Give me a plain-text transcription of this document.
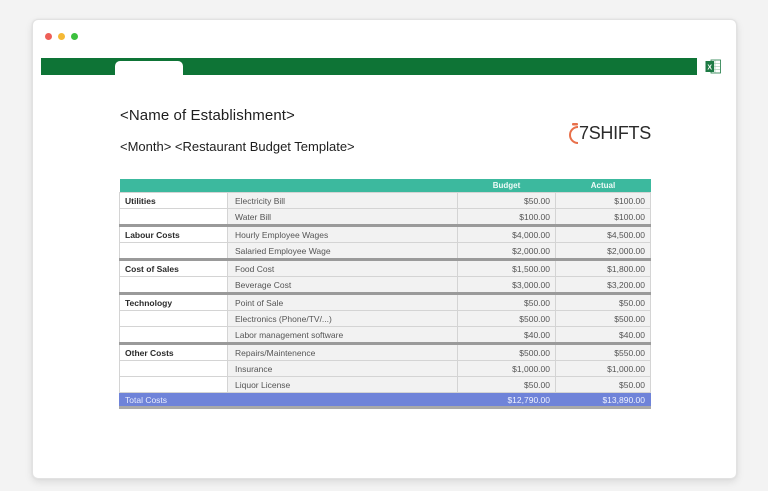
X
<Name of Establishment>
<Month> <Restaurant Budget Template>
7SHIFTS
		Budget	Actual
Utilities	Electricity Bill	$50.00	$100.00
	Water Bill	$100.00	$100.00
Labour Costs	Hourly Employee Wages	$4,000.00	$4,500.00
	Salaried Employee Wage	$2,000.00	$2,000.00
Cost of Sales	Food Cost	$1,500.00	$1,800.00
	Beverage Cost	$3,000.00	$3,200.00
Technology	Point of Sale	$50.00	$50.00
	Electronics (Phone/TV/...)	$500.00	$500.00
	Labor management software	$40.00	$40.00
Other Costs	Repairs/Maintenence	$500.00	$550.00
	Insurance	$1,000.00	$1,000.00
	Liquor License	$50.00	$50.00
Total Costs		$12,790.00	$13,890.00
